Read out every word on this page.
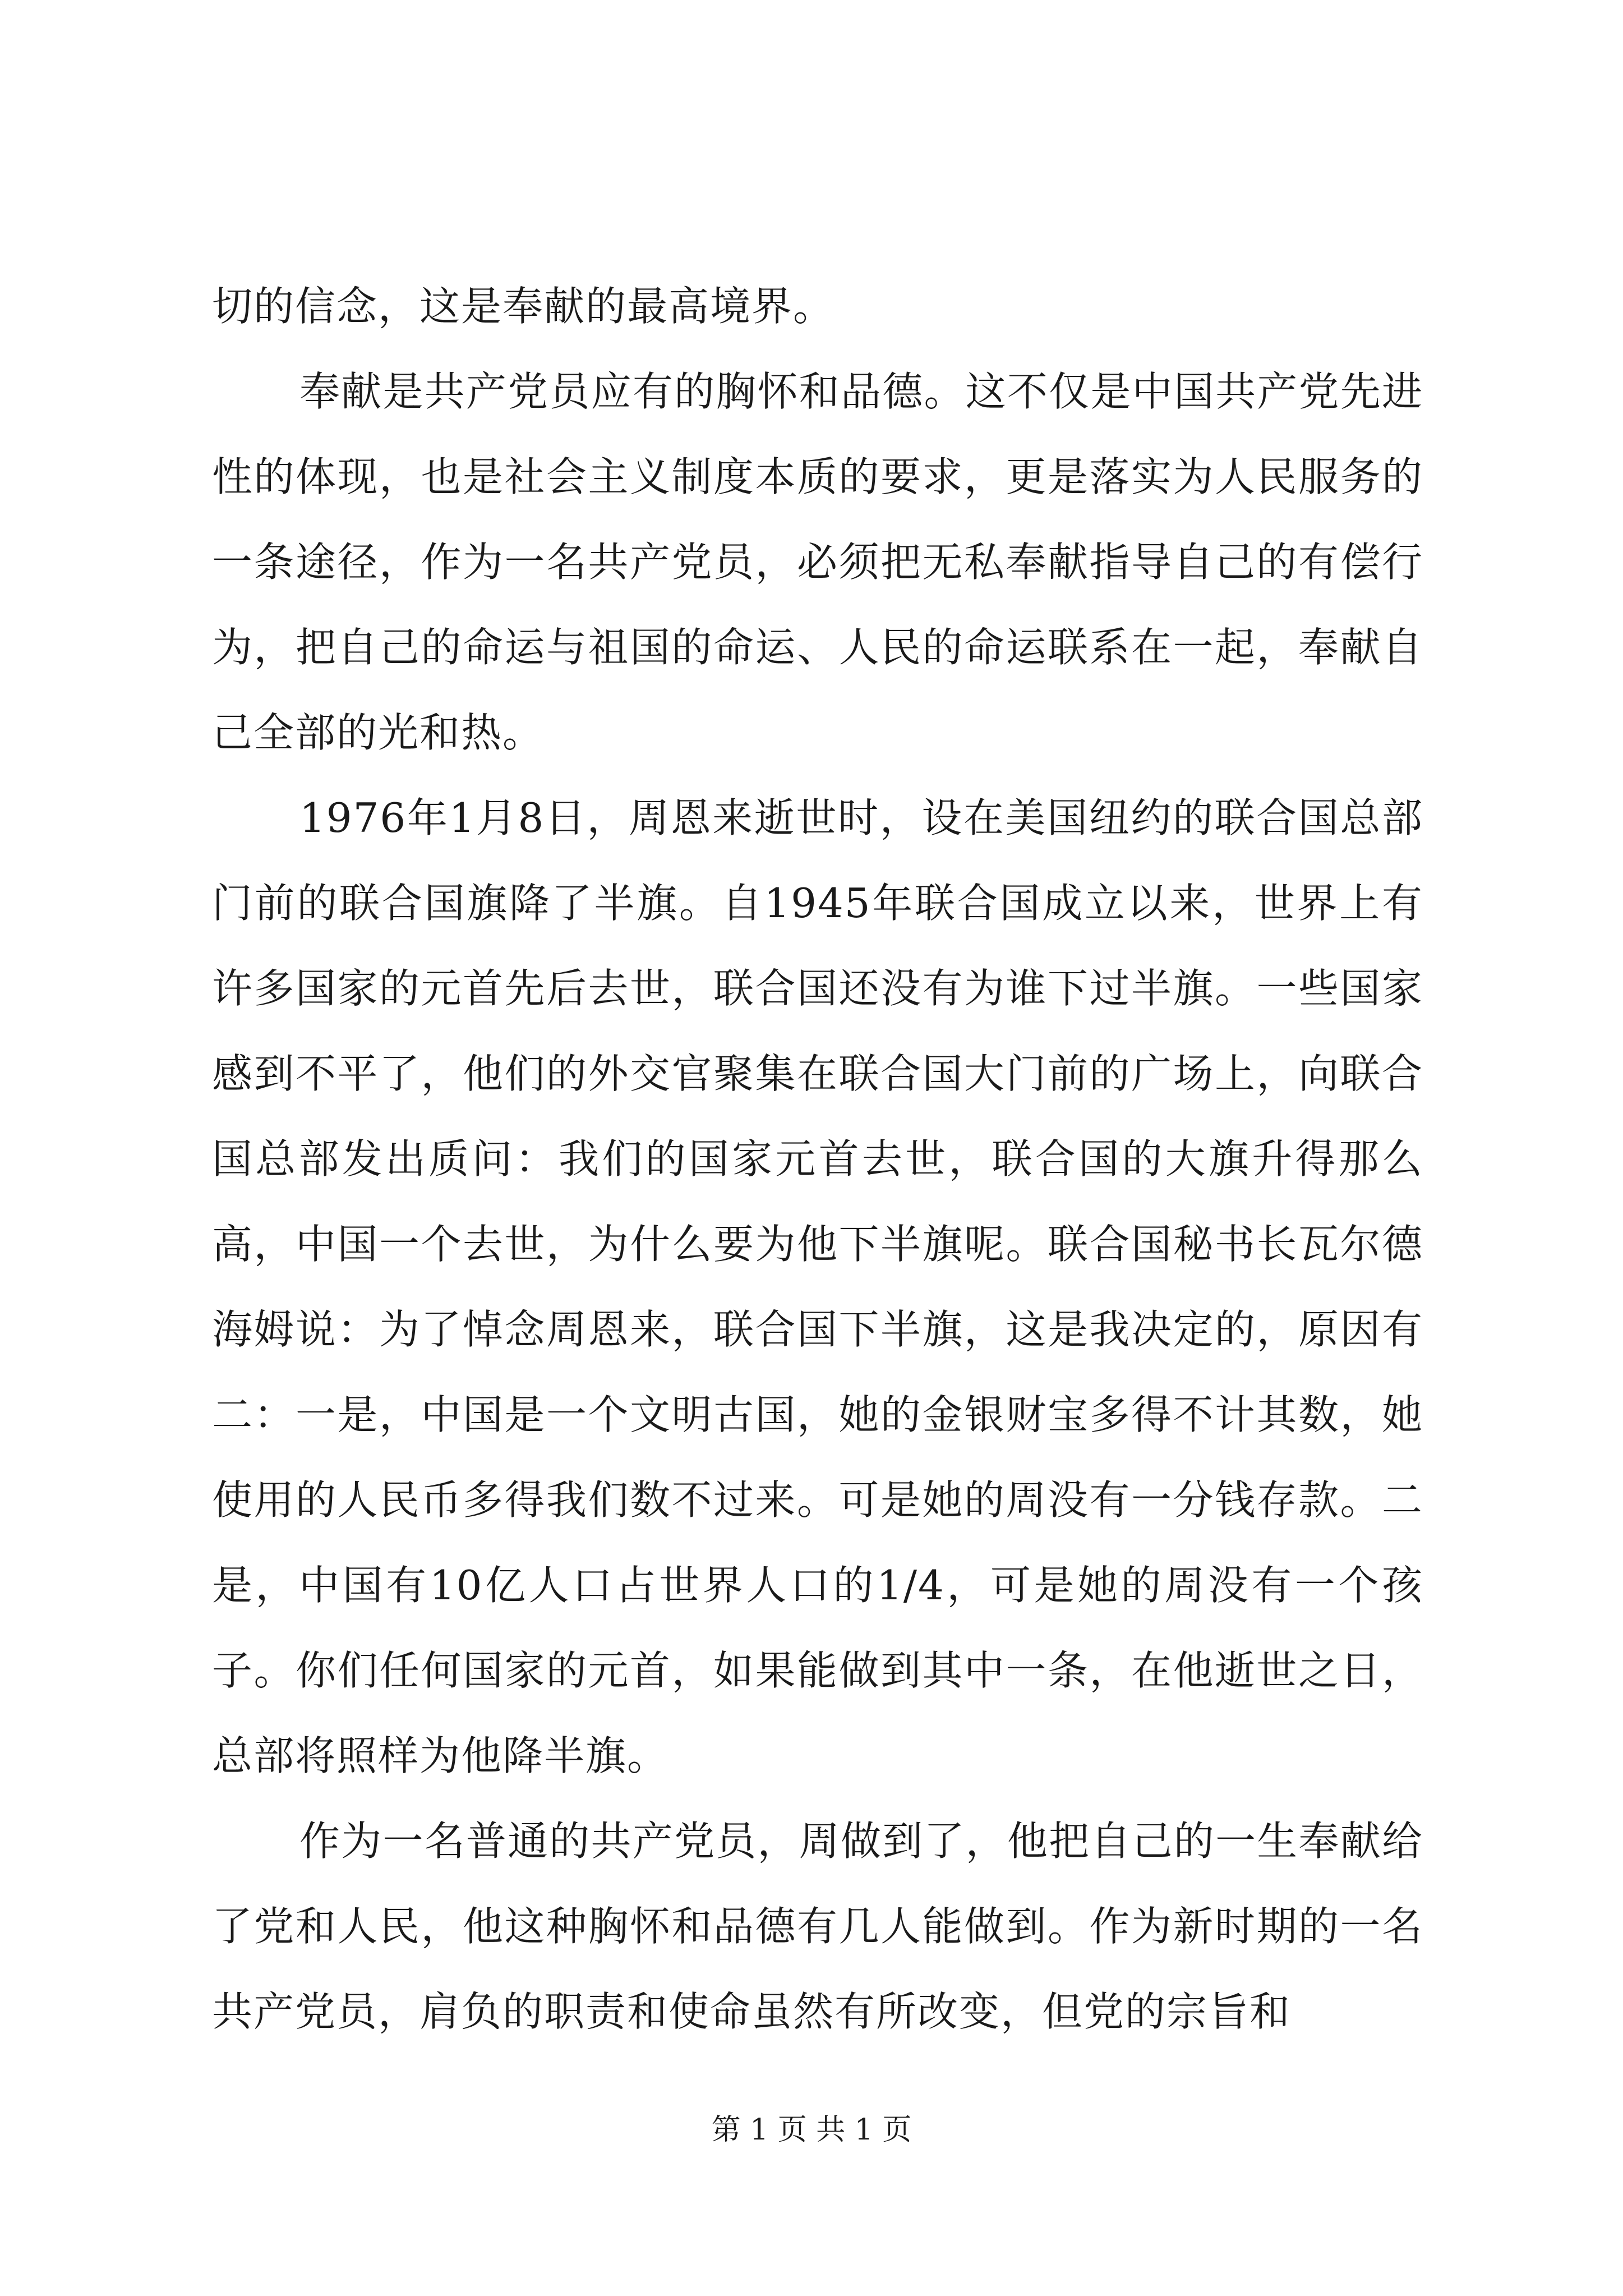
切的信念，这是奉献的最高境界。

奉献是共产党员应有的胸怀和品德。这不仅是中国共产党先进性的体现，也是社会主义制度本质的要求，更是落实为人民服务的一条途径，作为一名共产党员，必须把无私奉献指导自己的有偿行为，把自己的命运与祖国的命运、人民的命运联系在一起，奉献自己全部的光和热。

1976年1月8日，周恩来逝世时，设在美国纽约的联合国总部门前的联合国旗降了半旗。自1945年联合国成立以来，世界上有许多国家的元首先后去世，联合国还没有为谁下过半旗。一些国家感到不平了，他们的外交官聚集在联合国大门前的广场上，向联合国总部发出质问：我们的国家元首去世，联合国的大旗升得那么高，中国一个去世，为什么要为他下半旗呢。联合国秘书长瓦尔德海姆说：为了悼念周恩来，联合国下半旗，这是我决定的，原因有二：一是，中国是一个文明古国，她的金银财宝多得不计其数，她使用的人民币多得我们数不过来。可是她的周没有一分钱存款。二是，中国有10亿人口占世界人口的1/4，可是她的周没有一个孩子。你们任何国家的元首，如果能做到其中一条，在他逝世之日，总部将照样为他降半旗。

作为一名普通的共产党员，周做到了，他把自己的一生奉献给了党和人民，他这种胸怀和品德有几人能做到。作为新时期的一名共产党员，肩负的职责和使命虽然有所改变，但党的宗旨和

第 1 页 共 1 页
